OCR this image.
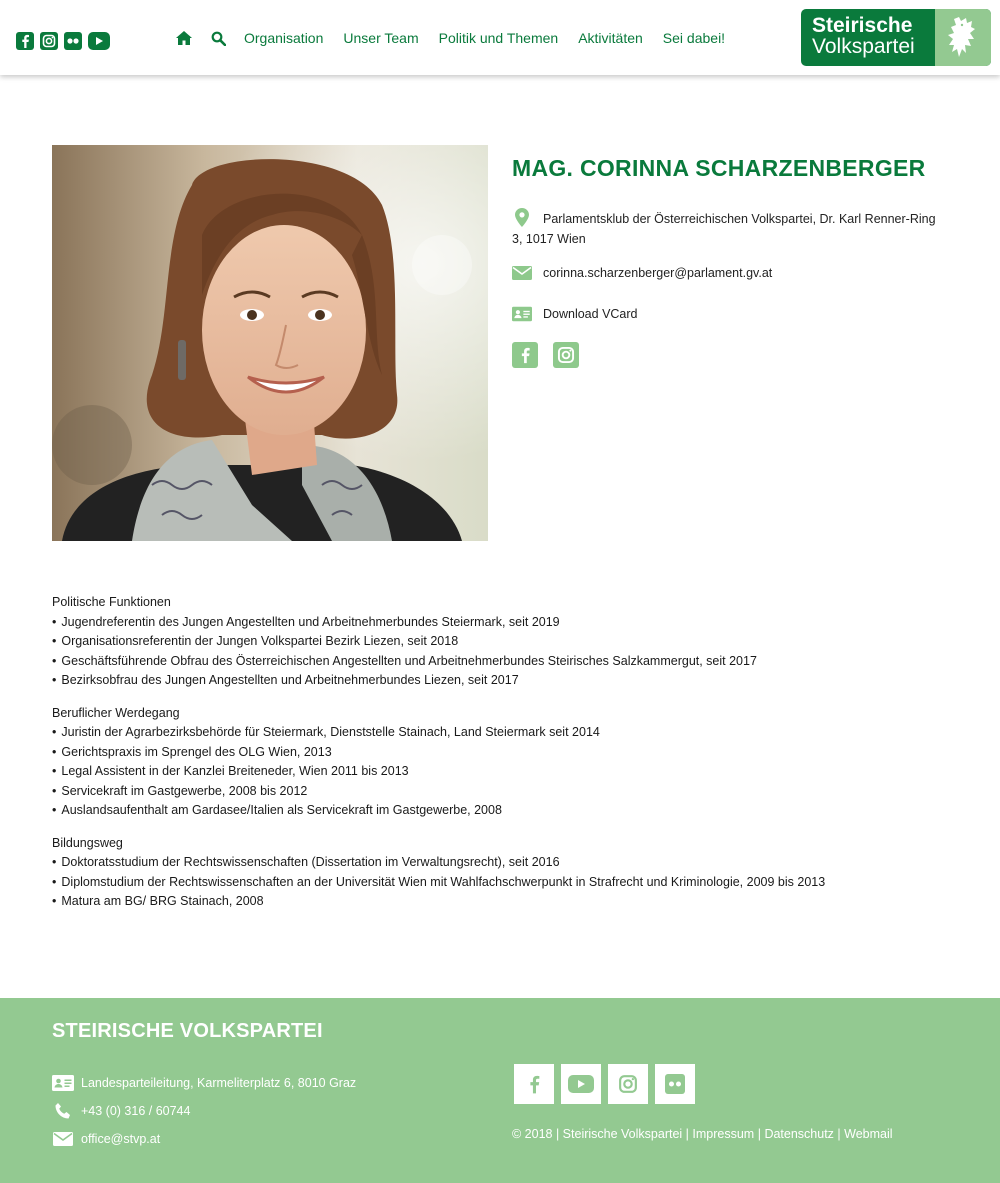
Organisation Unser Team Politik und Themen Aktivitäten Sei dabei!
Steirische
Volkspartei
MAG. CORINNA SCHARZENBERGER
Parlamentsklub der Österreichischen Volkspartei, Dr. Karl Renner-Ring 3, 1017 Wien
corinna.scharzenberger@parlament.gv.at
Download VCard
Politische Funktionen
• Jugendreferentin des Jungen Angestellten und Arbeitnehmerbundes Steiermark, seit 2019
• Organisationsreferentin der Jungen Volkspartei Bezirk Liezen, seit 2018
• Geschäftsführende Obfrau des Österreichischen Angestellten und Arbeitnehmerbundes Steirisches Salzkammergut, seit 2017
• Bezirksobfrau des Jungen Angestellten und Arbeitnehmerbundes Liezen, seit 2017
Beruflicher Werdegang
• Juristin der Agrarbezirksbehörde für Steiermark, Dienststelle Stainach, Land Steiermark seit 2014
• Gerichtspraxis im Sprengel des OLG Wien, 2013
• Legal Assistent in der Kanzlei Breiteneder, Wien 2011 bis 2013
• Servicekraft im Gastgewerbe, 2008 bis 2012
• Auslandsaufenthalt am Gardasee/Italien als Servicekraft im Gastgewerbe, 2008
Bildungsweg
• Doktoratsstudium der Rechtswissenschaften (Dissertation im Verwaltungsrecht), seit 2016
• Diplomstudium der Rechtswissenschaften an der Universität Wien mit Wahlfachschwerpunkt in Strafrecht und Kriminologie, 2009 bis 2013
• Matura am BG/ BRG Stainach, 2008
STEIRISCHE VOLKSPARTEI
Landesparteileitung, Karmeliterplatz 6, 8010 Graz
+43 (0) 316 / 60744
office@stvp.at	© 2018 | Steirische Volkspartei | Impressum | Datenschutz | Webmail
